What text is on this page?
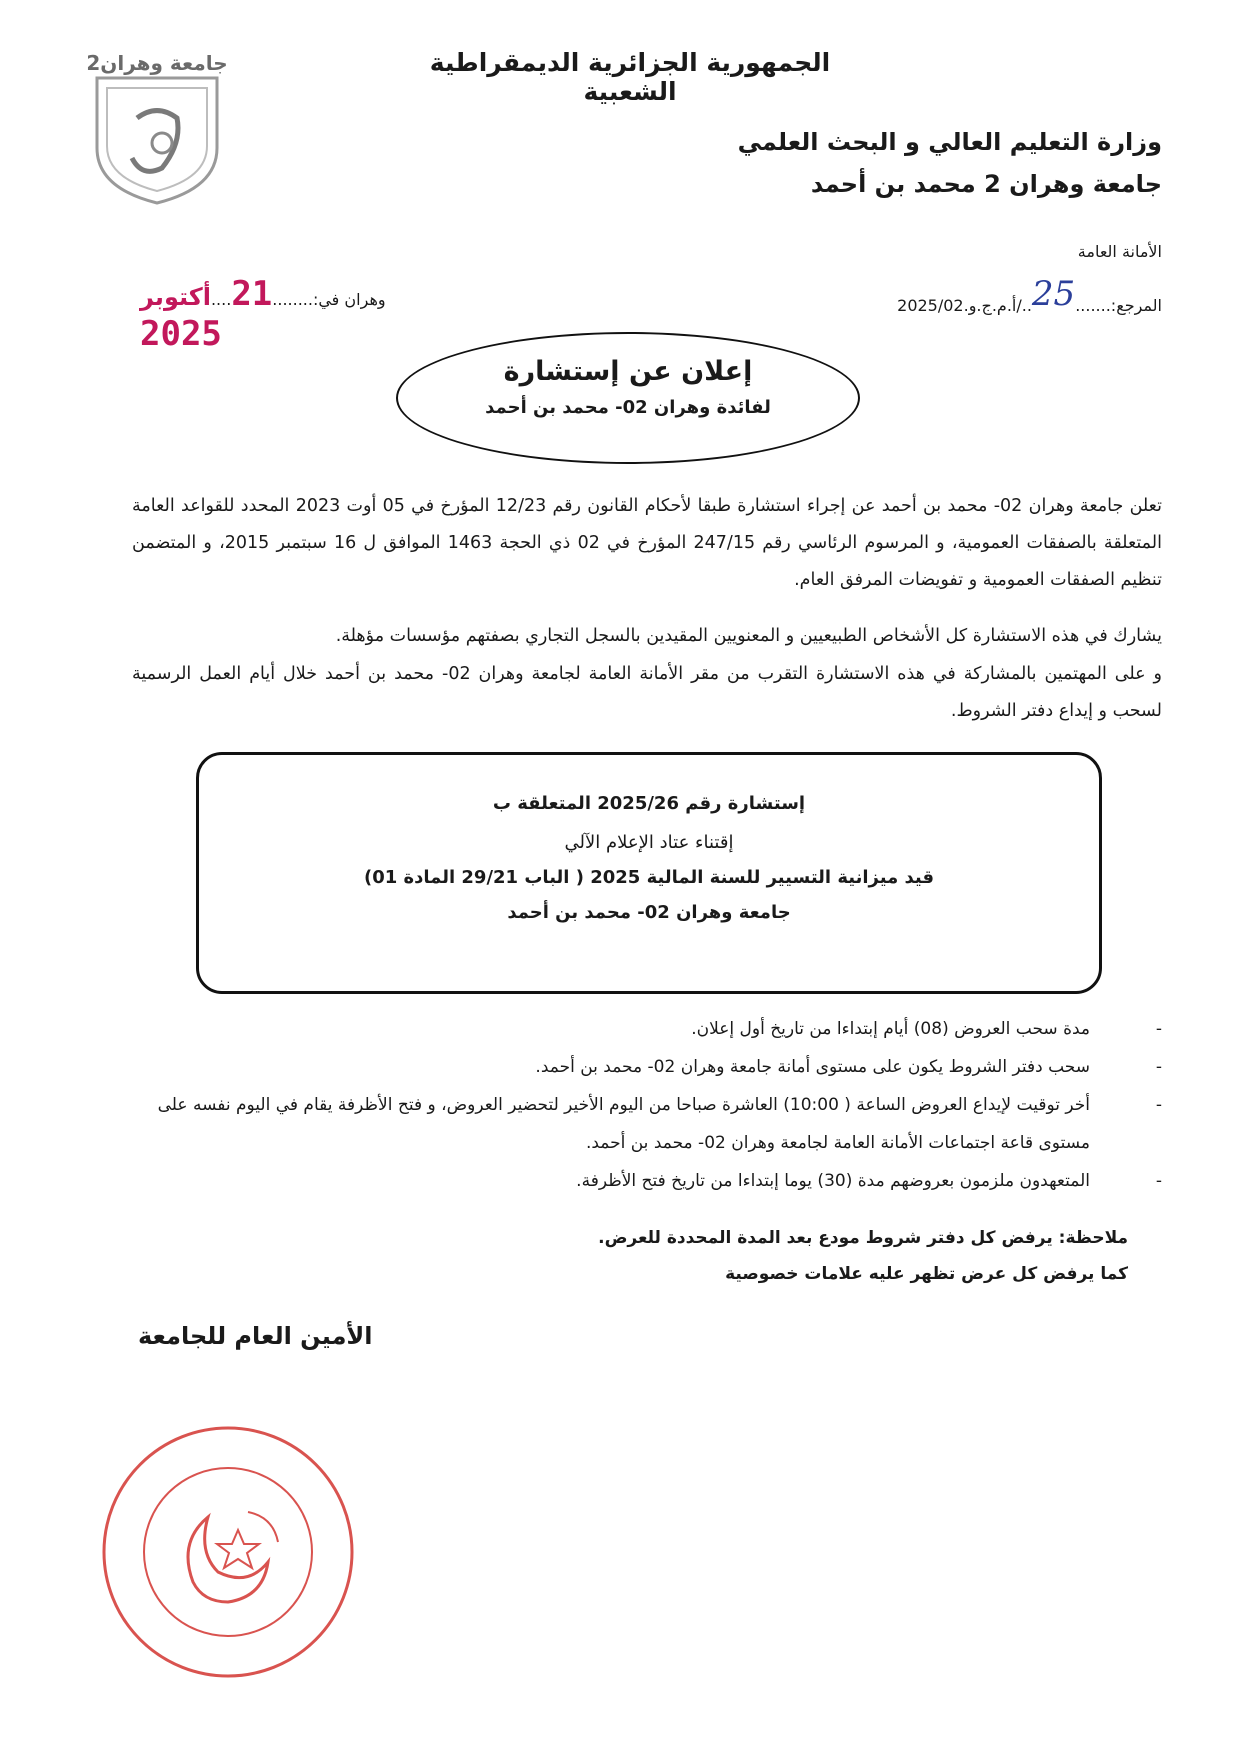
جامعة وهران2	الجمهورية الجزائرية الديمقراطية الشعبية
وزارة التعليم العالي و البحث العلمي
جامعة وهران 2 محمد بن أحمد
الأمانة العامة
المرجع:.......25../أ.م.ج.و.2025/02
وهران في:........21....أكتوبر 2025
إعلان عن إستشارة
لفائدة وهران 02- محمد بن أحمد
تعلن جامعة وهران 02- محمد بن أحمد عن إجراء استشارة طبقا لأحكام القانون رقم 12/23 المؤرخ في 05 أوت 2023 المحدد للقواعد العامة المتعلقة بالصفقات العمومية، و المرسوم الرئاسي رقم 247/15 المؤرخ في 02 ذي الحجة 1463 الموافق ل 16 سبتمبر 2015، و المتضمن تنظيم الصفقات العمومية و تفويضات المرفق العام.
يشارك في هذه الاستشارة كل الأشخاص الطبيعيين و المعنويين المقيدين بالسجل التجاري بصفتهم مؤسسات مؤهلة.
و على المهتمين بالمشاركة في هذه الاستشارة التقرب من مقر الأمانة العامة لجامعة وهران 02- محمد بن أحمد خلال أيام العمل الرسمية لسحب و إيداع دفتر الشروط.
إستشارة رقم 2025/26 المتعلقة ب
إقتناء عتاد الإعلام الآلي
قيد ميزانية التسيير للسنة المالية 2025 ( الباب 29/21 المادة 01)
جامعة وهران 02- محمد بن أحمد
- مدة سحب العروض (08) أيام إبتداءا من تاريخ أول إعلان.
- سحب دفتر الشروط يكون على مستوى أمانة جامعة وهران 02- محمد بن أحمد.
- أخر توقيت لإيداع العروض الساعة ( 10:00) العاشرة صباحا من اليوم الأخير لتحضير العروض، و فتح الأظرفة يقام في اليوم نفسه على مستوى قاعة اجتماعات الأمانة العامة لجامعة وهران 02- محمد بن أحمد.
- المتعهدون ملزمون بعروضهم مدة (30) يوما إبتداءا من تاريخ فتح الأظرفة.
ملاحظة: يرفض كل دفتر شروط مودع بعد المدة المحددة للعرض.
كما يرفض كل عرض تظهر عليه علامات خصوصية
الأمين العام للجامعة
